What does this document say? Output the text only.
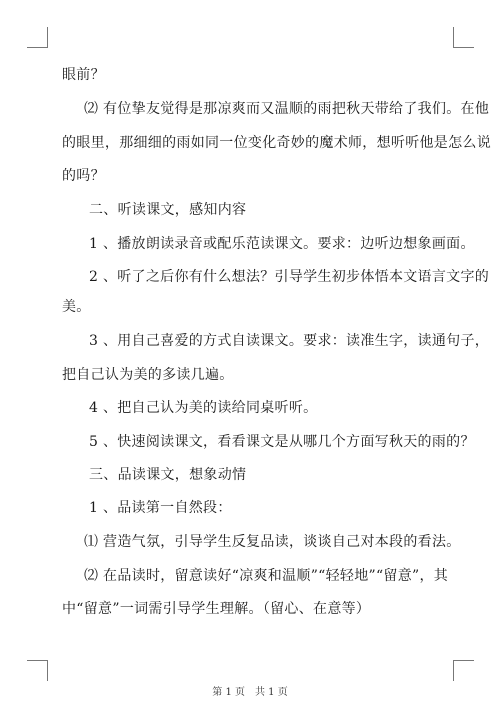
眼前？
⑵ 有位挚友觉得是那凉爽而又温顺的雨把秋天带给了我们。在他
的眼里，那细细的雨如同一位变化奇妙的魔术师，想听听他是怎么说
的吗？
二、听读课文，感知内容
1 、播放朗读录音或配乐范读课文。要求：边听边想象画面。
2 、听了之后你有什么想法？引导学生初步体悟本文语言文字的
美。
3 、用自己喜爱的方式自读课文。要求：读准生字，读通句子，
把自己认为美的多读几遍。
4 、把自己认为美的读给同桌听听。
5 、快速阅读课文，看看课文是从哪几个方面写秋天的雨的？
三、品读课文，想象动情
1 、品读第一自然段：
⑴ 营造气氛，引导学生反复品读，谈谈自己对本段的看法。
⑵ 在品读时，留意读好“凉爽和温顺”“轻轻地”“留意”，其
中“留意”一词需引导学生理解。（留心、在意等）
第 1 页　共 1 页
